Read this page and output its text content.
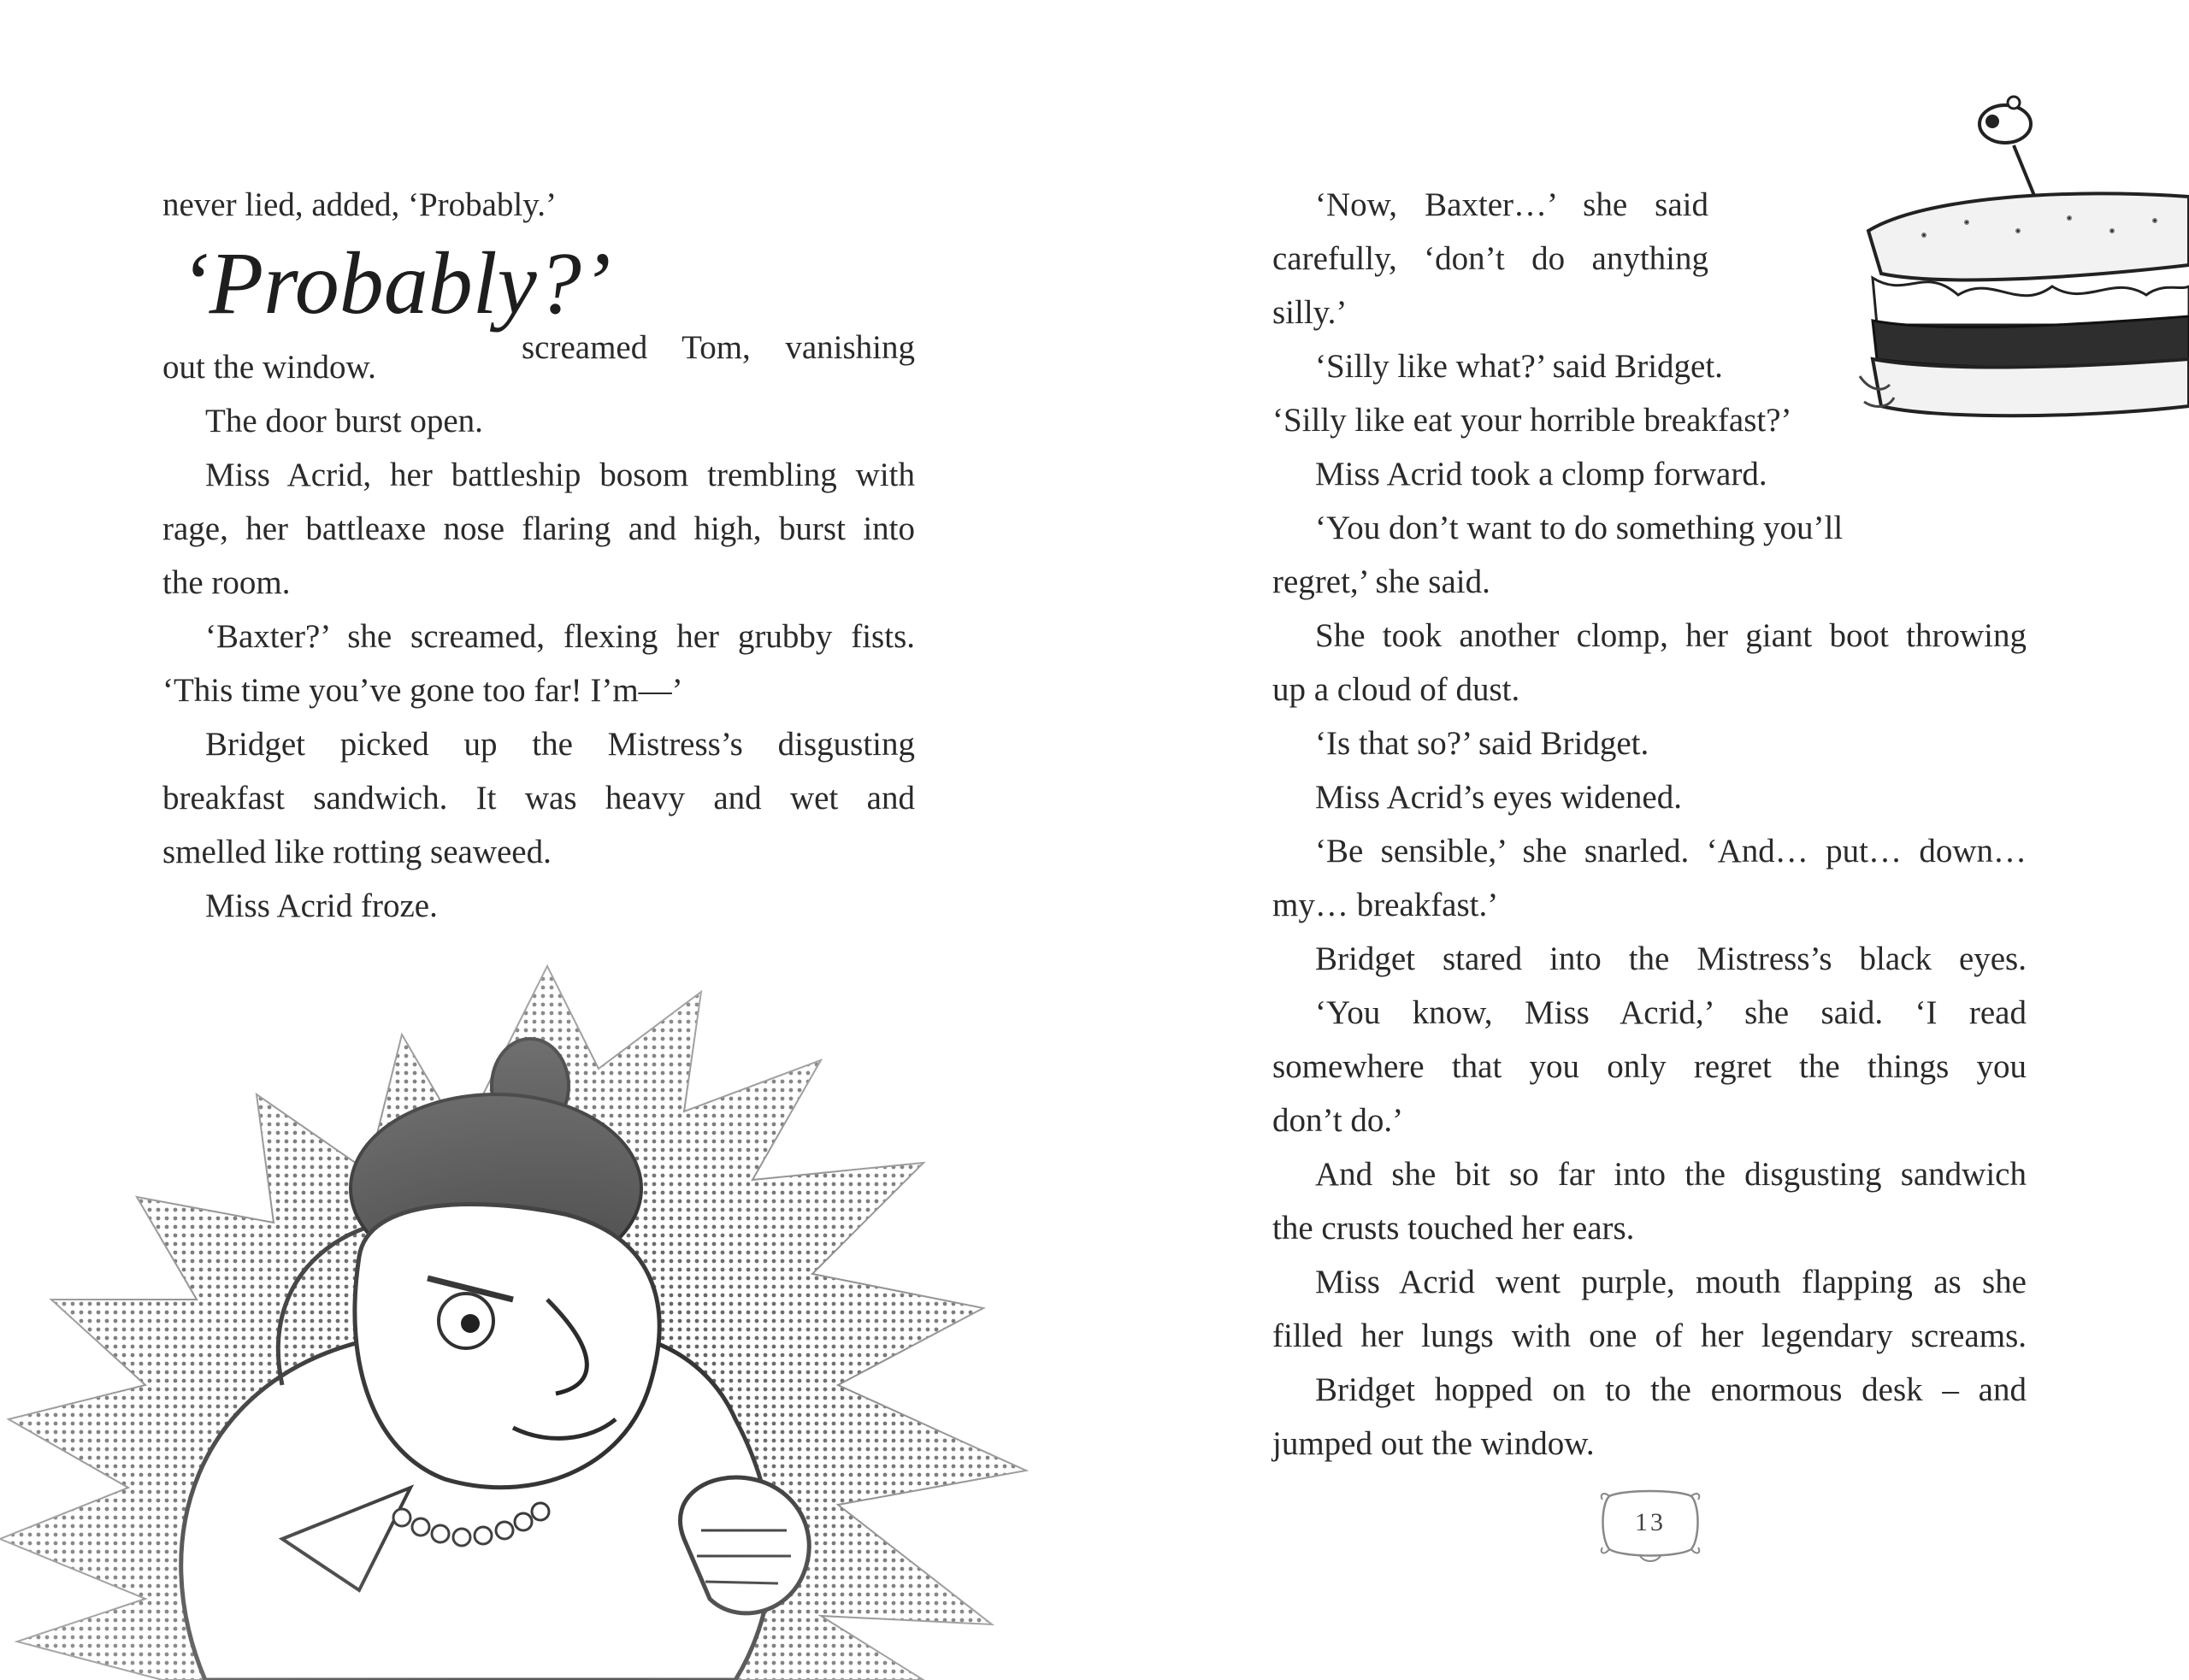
never lied, added, ‘Probably.’

‘Probably?’

screamed Tom, vanishing

out the window.

The door burst open.

Miss Acrid, her battleship bosom trembling with

rage, her battleaxe nose flaring and high, burst into

the room.

‘Baxter?’ she screamed, flexing her grubby fists.

‘This time you’ve gone too far! I’m—’

Bridget picked up the Mistress’s disgusting

breakfast sandwich. It was heavy and wet and

smelled like rotting seaweed.

Miss Acrid froze.

‘Now, Baxter…’ she said

carefully, ‘don’t do anything

silly.’

‘Silly like what?’ said Bridget.

‘Silly like eat your horrible breakfast?’

Miss Acrid took a clomp forward.

‘You don’t want to do something you’ll

regret,’ she said.

She took another clomp, her giant boot throwing

up a cloud of dust.

‘Is that so?’ said Bridget.

Miss Acrid’s eyes widened.

‘Be sensible,’ she snarled. ‘And… put… down…

my… breakfast.’

Bridget stared into the Mistress’s black eyes.

‘You know, Miss Acrid,’ she said. ‘I read

somewhere that you only regret the things you

don’t do.’

And she bit so far into the disgusting sandwich

the crusts touched her ears.

Miss Acrid went purple, mouth flapping as she

filled her lungs with one of her legendary screams.

Bridget hopped on to the enormous desk – and

jumped out the window.

13
